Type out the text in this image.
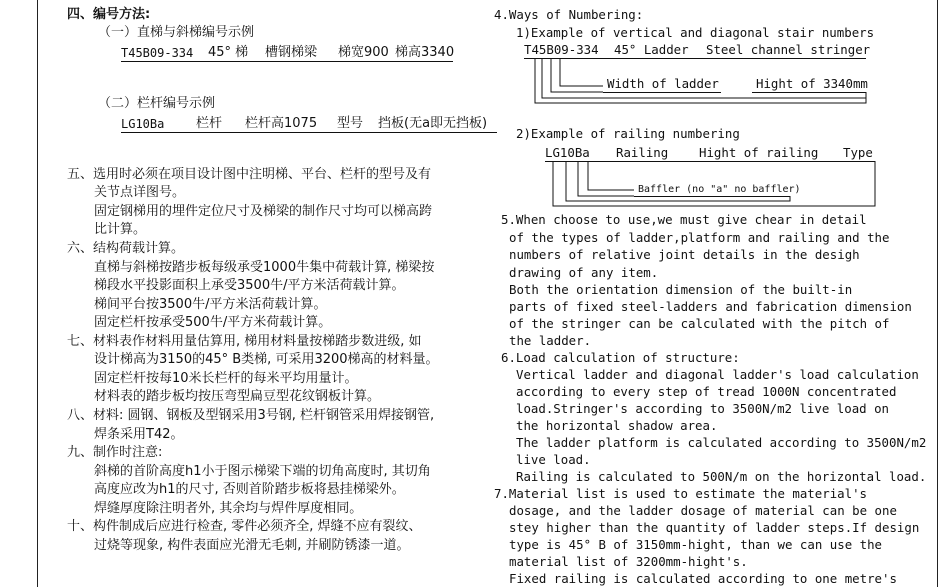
四、编号方法:
（一）直梯与斜梯编号示例
T45B09-334 45° 梯 槽钢梯梁 梯宽900 梯高3340
（二）栏杆编号示例
LG10Ba 栏杆 栏杆高1075 型号 挡板(无a即无挡板)
五、选用时必须在项目设计图中注明梯、平台、栏杆的型号及有
关节点详图号。
固定钢梯用的埋件定位尺寸及梯梁的制作尺寸均可以梯高跨
比计算。
六、结构荷载计算。
直梯与斜梯按踏步板每级承受1000牛集中荷载计算, 梯梁按
梯段水平投影面积上承受3500牛/平方米活荷载计算。
梯间平台按3500牛/平方米活荷载计算。
固定栏杆按承受500牛/平方米荷载计算。
七、材料表作材料用量估算用, 梯用材料量按梯踏步数进级, 如
设计梯高为3150的45° B类梯, 可采用3200梯高的材料量。
固定栏杆按每10米长栏杆的每米平均用量计。
材料表的踏步板均按压弯型扁豆型花纹钢板计算。
八、材料: 圆钢、钢板及型钢采用3号钢, 栏杆钢管采用焊接钢管,
焊条采用T42。
九、制作时注意:
斜梯的首阶高度h1小于图示梯梁下端的切角高度时, 其切角
高度应改为h1的尺寸, 否则首阶踏步板将悬挂梯梁外。
焊缝厚度除注明者外, 其余均与焊件厚度相同。
十、构件制成后应进行检查, 零件必须齐全, 焊缝不应有裂纹、
过烧等现象, 构件表面应光滑无毛刺, 并刷防锈漆一道。
4.Ways of Numbering:
1)Example of vertical and diagonal stair numbers
T45B09-334 45° Ladder Steel channel stringer
Width of ladder	Hight of 3340mm
2)Example of railing numbering
LG10Ba Railing Hight of railing Type
Baffler (no "a" no baffler)
5.When choose to use,we must give chear in detail
of the types of ladder,platform and railing and the
numbers of relative joint details in the desigh
drawing of any item.
Both the orientation dimension of the built-in
parts of fixed steel-ladders and fabrication dimension
of the stringer can be calculated with the pitch of
the ladder.
6.Load calculation of structure:
Vertical ladder and diagonal ladder's load calculation
according to every step of tread 1000N concentrated
load.Stringer's according to 3500N/m2 live load on
the horizontal shadow area.
The ladder platform is calculated according to 3500N/m2
live load.
Railing is calculated to 500N/m on the horizontal load.
7.Material list is used to estimate the material's
dosage, and the ladder dosage of material can be one
stey higher than the quantity of ladder steps.If design
type is 45° B of 3150mm-hight, than we can use the
material list of 3200mm-hight's.
Fixed railing is calculated according to one metre's
